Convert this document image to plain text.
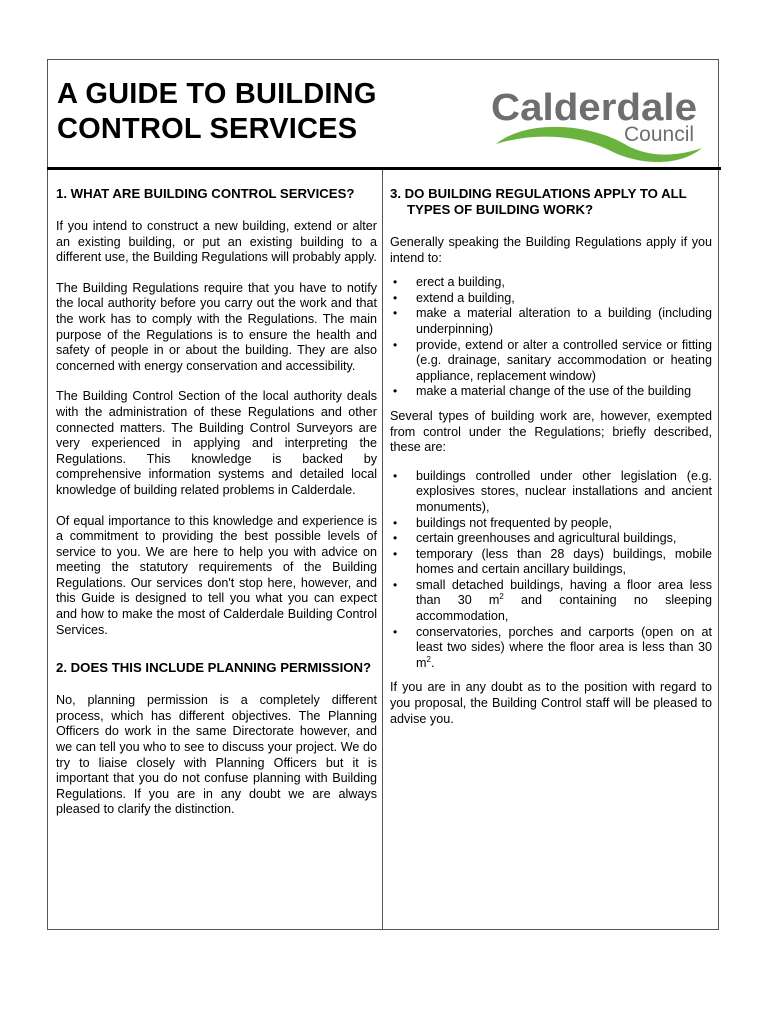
A GUIDE TO BUILDING
CONTROL SERVICES	Calderdale
Council
1. WHAT ARE BUILDING CONTROL SERVICES?

If you intend to construct a new building, extend or alter an existing building, or put an existing building to a different use, the Building Regulations will probably apply.

The Building Regulations require that you have to notify the local authority before you carry out the work and that the work has to comply with the Regulations. The main purpose of the Regulations is to ensure the health and safety of people in or about the building. They are also concerned with energy conservation and accessibility.

The Building Control Section of the local authority deals with the administration of these Regulations and other connected matters. The Building Control Surveyors are very experienced in applying and interpreting the Regulations. This knowledge is backed by comprehensive information systems and detailed local knowledge of building related problems in Calderdale.

Of equal importance to this knowledge and experience is a commitment to providing the best possible levels of service to you. We are here to help you with advice on meeting the statutory requirements of the Building Regulations. Our services don't stop here, however, and this Guide is designed to tell you what you can expect and how to make the most of Calderdale Building Control Services.

2. DOES THIS INCLUDE PLANNING PERMISSION?

No, planning permission is a completely different process, which has different objectives. The Planning Officers do work in the same Directorate however, and we can tell you who to see to discuss your project. We do try to liaise closely with Planning Officers but it is important that you do not confuse planning with Building Regulations. If you are in any doubt we are always pleased to clarify the distinction.

3. DO BUILDING REGULATIONS APPLY TO ALL TYPES OF BUILDING WORK?

Generally speaking the Building Regulations apply if you intend to:

• erect a building,
• extend a building,
• make a material alteration to a building (including underpinning)
• provide, extend or alter a controlled service or fitting (e.g. drainage, sanitary accommodation or heating appliance, replacement window)
• make a material change of the use of the building

Several types of building work are, however, exempted from control under the Regulations; briefly described, these are:

• buildings controlled under other legislation (e.g. explosives stores, nuclear installations and ancient monuments),
• buildings not frequented by people,
• certain greenhouses and agricultural buildings,
• temporary (less than 28 days) buildings, mobile homes and certain ancillary buildings,
• small detached buildings, having a floor area less than 30 $m^2$ and containing no sleeping accommodation,
• conservatories, porches and carports (open on at least two sides) where the floor area is less than 30 $m^2$.

If you are in any doubt as to the position with regard to you proposal, the Building Control staff will be pleased to advise you.
